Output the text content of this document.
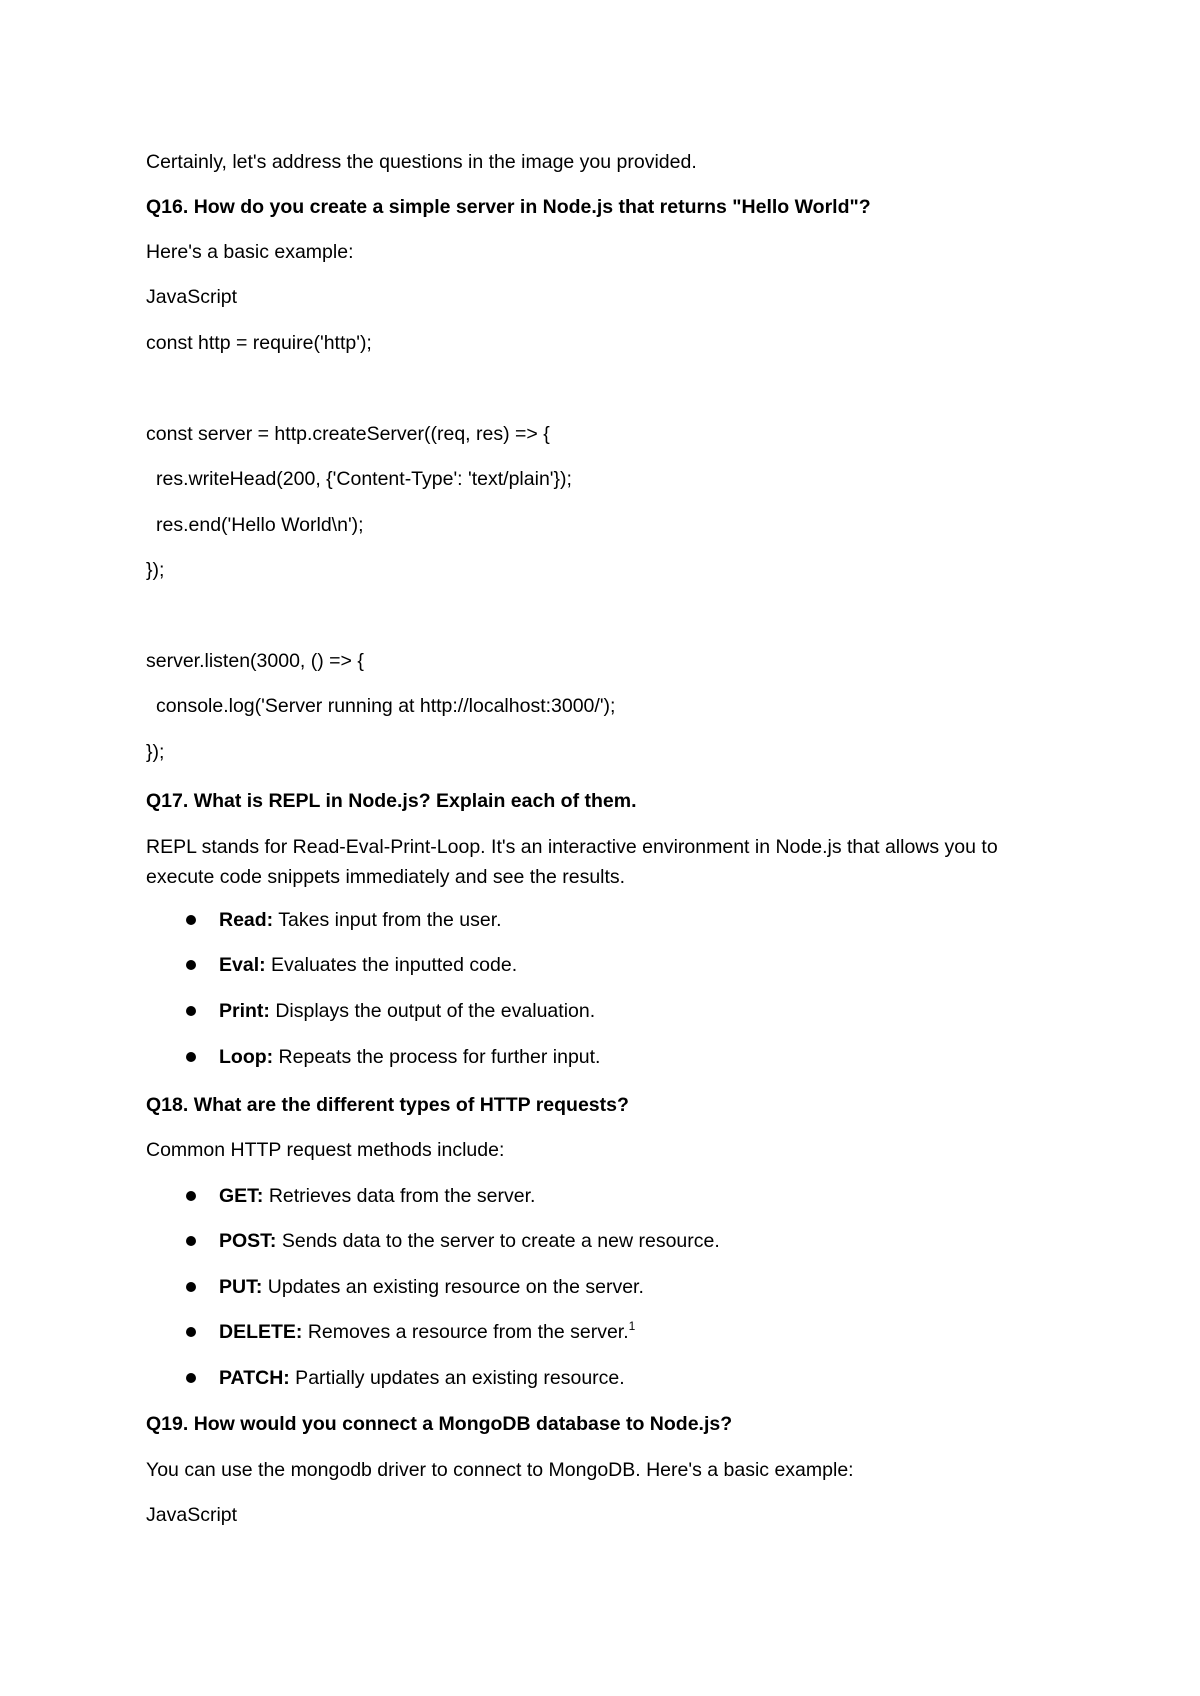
Certainly, let's address the questions in the image you provided.
Q16. How do you create a simple server in Node.js that returns "Hello World"?
Here's a basic example:
JavaScript
const http = require('http');
const server = http.createServer((req, res) => {
res.writeHead(200, {'Content-Type': 'text/plain'});
res.end('Hello World\n');
});
server.listen(3000, () => {
console.log('Server running at http://localhost:3000/');
});
Q17. What is REPL in Node.js? Explain each of them.
REPL stands for Read-Eval-Print-Loop. It's an interactive environment in Node.js that allows you to
execute code snippets immediately and see the results.
Read: Takes input from the user.
Eval: Evaluates the inputted code.
Print: Displays the output of the evaluation.
Loop: Repeats the process for further input.
Q18. What are the different types of HTTP requests?
Common HTTP request methods include:
GET: Retrieves data from the server.
POST: Sends data to the server to create a new resource.
PUT: Updates an existing resource on the server.
DELETE: Removes a resource from the server.$^1$
PATCH: Partially updates an existing resource.
Q19. How would you connect a MongoDB database to Node.js?
You can use the mongodb driver to connect to MongoDB. Here's a basic example:
JavaScript
